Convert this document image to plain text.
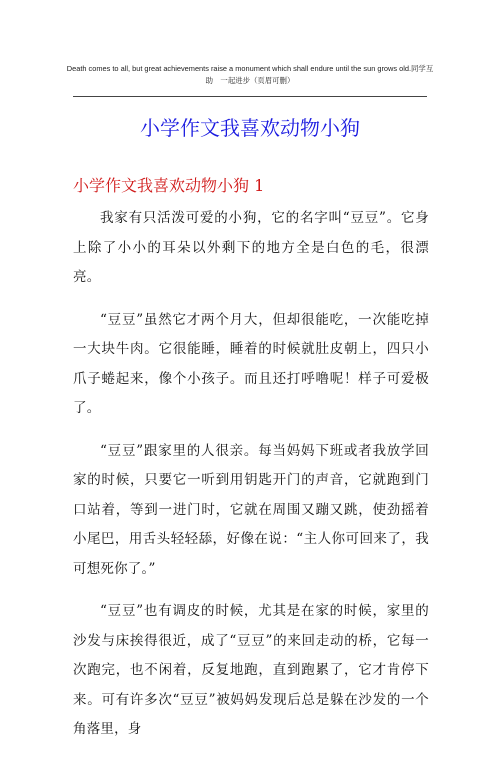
Death comes to all, but great achievements raise a monument which shall endure until the sun grows old.同学互
助　一起进步（页眉可删）
小学作文我喜欢动物小狗
小学作文我喜欢动物小狗 1

我家有只活泼可爱的小狗，它的名字叫“豆豆”。它身上除了小小的耳朵以外剩下的地方全是白色的毛，很漂亮。

“豆豆”虽然它才两个月大，但却很能吃，一次能吃掉一大块牛肉。它很能睡，睡着的时候就肚皮朝上，四只小爪子蜷起来，像个小孩子。而且还打呼噜呢！样子可爱极了。

“豆豆”跟家里的人很亲。每当妈妈下班或者我放学回家的时候，只要它一听到用钥匙开门的声音，它就跑到门口站着，等到一进门时，它就在周围又蹦又跳，使劲摇着小尾巴，用舌头轻轻舔，好像在说：“主人你可回来了，我可想死你了。”

“豆豆”也有调皮的时候，尤其是在家的时候，家里的沙发与床挨得很近，成了“豆豆”的来回走动的桥，它每一次跑完，也不闲着，反复地跑，直到跑累了，它才肯停下来。可有许多次“豆豆”被妈妈发现后总是躲在沙发的一个角落里，身
